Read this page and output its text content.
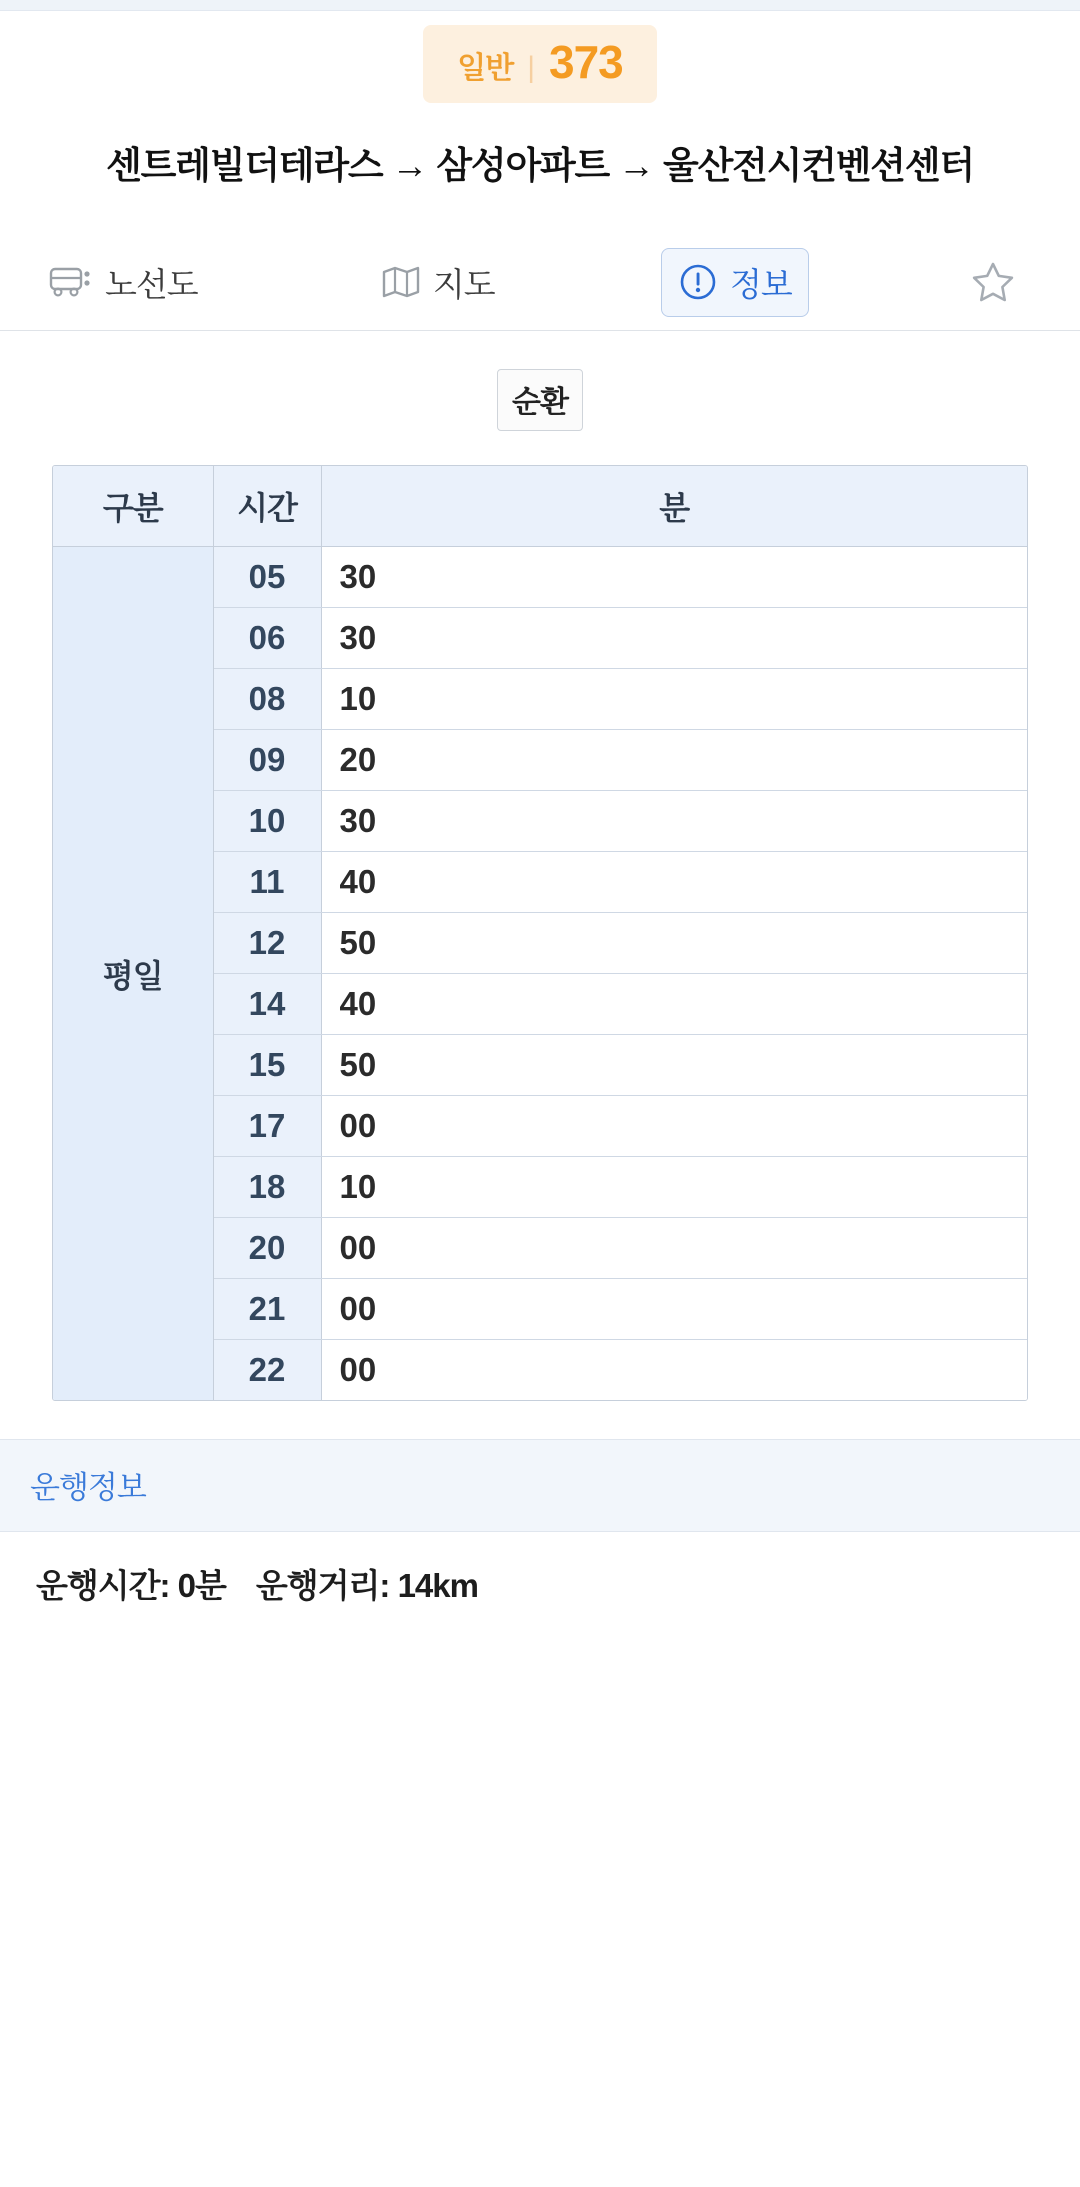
일반 | 373
센트레빌더테라스 → 삼성아파트 → 울산전시컨벤션센터
노선도	지도	정보
순환
구분	시간	분
평일	05	30
	06	30
	08	10
	09	20
	10	30
	11	40
	12	50
	14	40
	15	50
	17	00
	18	10
	20	00
	21	00
	22	00
운행정보
운행시간: 0분 운행거리: 14km
